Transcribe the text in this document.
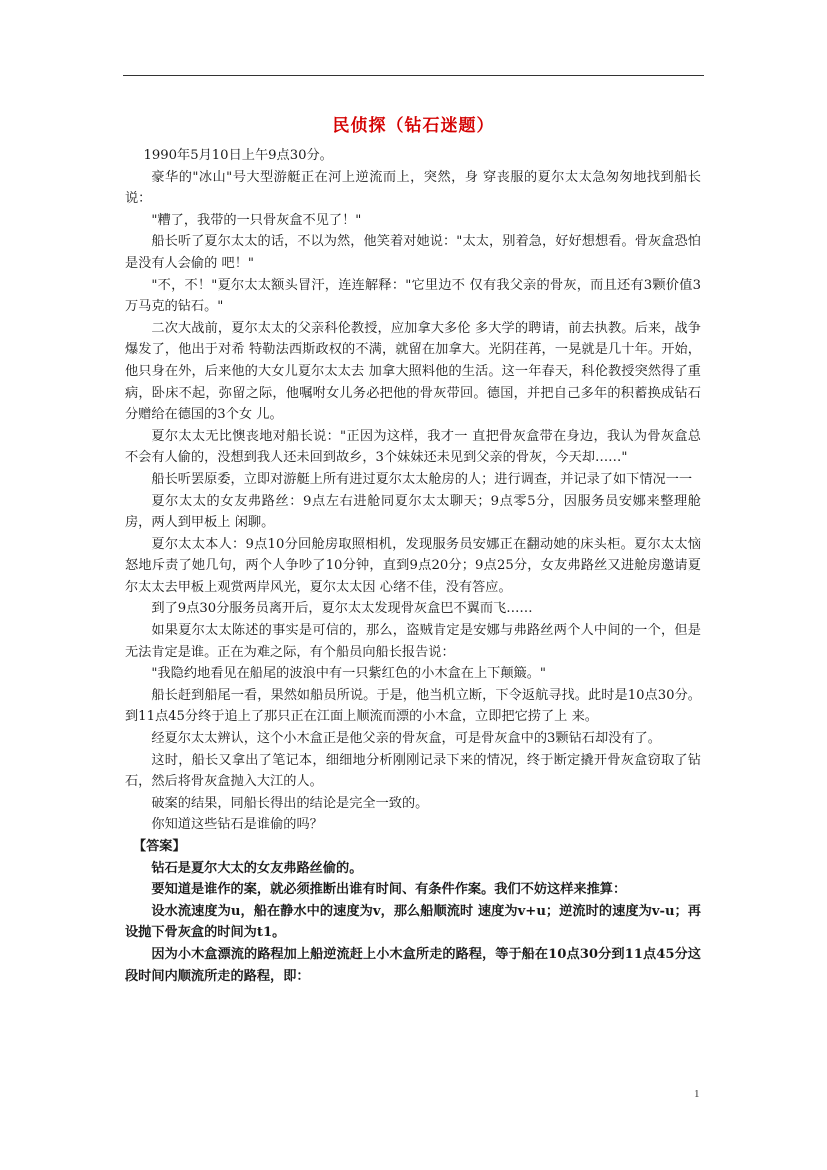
民侦探（钻石迷题）

1990年5月10日上午9点30分。

豪华的"冰山"号大型游艇正在河上逆流而上，突然，身 穿丧服的夏尔太太急匆匆地找到船长说：

"糟了，我带的一只骨灰盒不见了！"

船长听了夏尔太太的话，不以为然，他笑着对她说："太太，别着急，好好想想看。骨灰盒恐怕是没有人会偷的 吧！"

"不，不！"夏尔太太额头冒汗，连连解释："它里边不 仅有我父亲的骨灰，而且还有3颗价值3万马克的钻石。"

二次大战前，夏尔太太的父亲科伦教授，应加拿大多伦 多大学的聘请，前去执教。后来，战争爆发了，他出于对希 特勒法西斯政权的不满，就留在加拿大。光阴荏苒，一晃就是几十年。开始，他只身在外，后来他的大女儿夏尔太太去 加拿大照料他的生活。这一年春天，科伦教授突然得了重病，卧床不起，弥留之际，他嘱咐女儿务必把他的骨灰带回。德国，并把自己多年的积蓄换成钻石分赠给在德国的3个女 儿。

夏尔太太无比懊丧地对船长说："正因为这样，我才一 直把骨灰盒带在身边，我认为骨灰盒总不会有人偷的，没想到我人还未回到故乡，3个妹妹还未见到父亲的骨灰，今天却……"

船长听罢原委，立即对游艇上所有进过夏尔太太舱房的人；进行调查，并记录了如下情况一一

夏尔太太的女友弗路丝：9点左右进舱同夏尔太太聊天；9点零5分，因服务员安娜来整理舱房，两人到甲板上 闲聊。

夏尔太太本人：9点10分回舱房取照相机，发现服务员安娜正在翻动她的床头柜。夏尔太太恼怒地斥责了她几句，两个人争吵了10分钟，直到9点20分；9点25分，女友弗路丝又进舱房邀请夏尔太太去甲板上观赏两岸风光，夏尔太太因 心绪不佳，没有答应。

到了9点30分服务员离开后，夏尔太太发现骨灰盒巴不翼而飞……

如果夏尔太太陈述的事实是可信的，那么，盗贼肯定是安娜与弗路丝两个人中间的一个，但是无法肯定是谁。正在为难之际，有个船员向船长报告说：

"我隐约地看见在船尾的波浪中有一只紫红色的小木盒在上下颠簸。"

船长赶到船尾一看，果然如船员所说。于是，他当机立断，下令返航寻找。此时是10点30分。到11点45分终于追上了那只正在江面上顺流而漂的小木盒，立即把它捞了上 来。

经夏尔太太辨认，这个小木盒正是他父亲的骨灰盒，可是骨灰盒中的3颗钻石却没有了。

这时，船长又拿出了笔记本，细细地分析刚刚记录下来的情况，终于断定撬开骨灰盒窃取了钻石，然后将骨灰盒抛入大江的人。

破案的结果，同船长得出的结论是完全一致的。

你知道这些钻石是谁偷的吗？

【答案】

钻石是夏尔大太的女友弗路丝偷的。

要知道是谁作的案，就必须推断出谁有时间、有条件作案。我们不妨这样来推算：

设水流速度为u，船在静水中的速度为v，那么船顺流时 速度为v+u；逆流时的速度为v-u；再设抛下骨灰盒的时间为t1。

因为小木盒漂流的路程加上船逆流赶上小木盒所走的路程，等于船在10点30分到11点45分这段时间内顺流所走的路程，即：

1
